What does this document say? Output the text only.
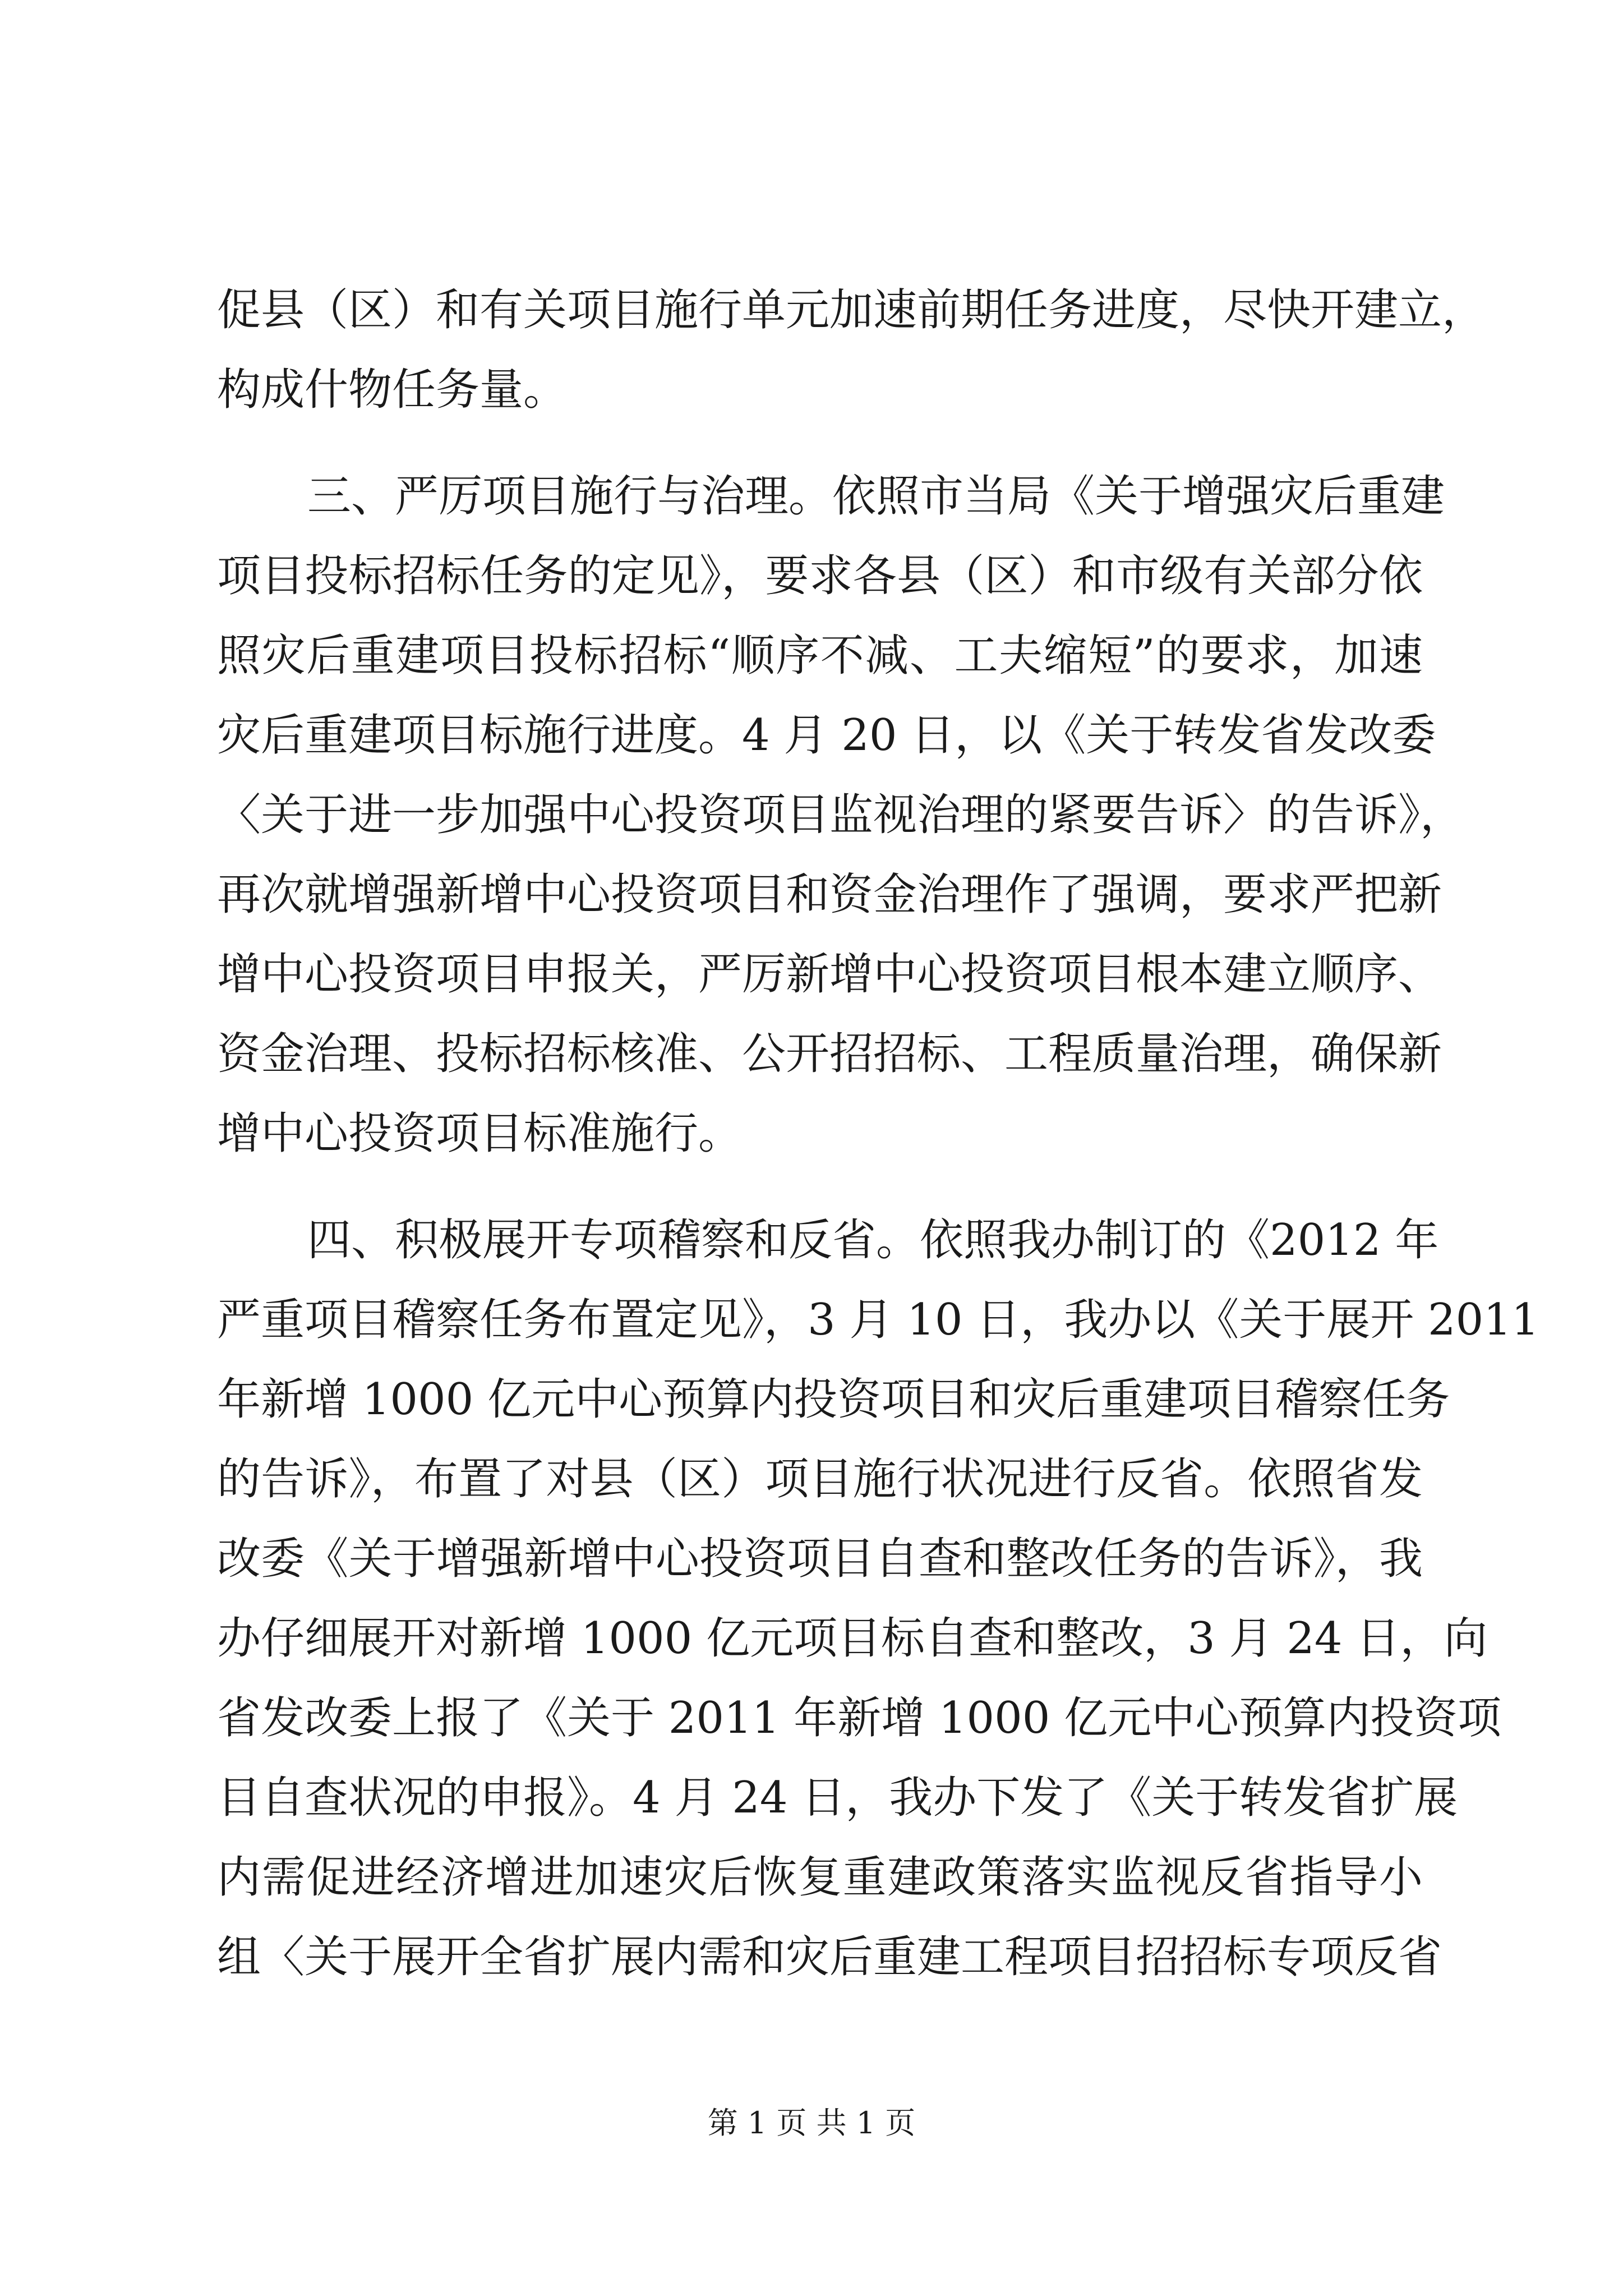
促县（区）和有关项目施行单元加速前期任务进度，尽快开建立，
构成什物任务量。
三、严厉项目施行与治理。依照市当局《关于增强灾后重建
项目投标招标任务的定见》，要求各县（区）和市级有关部分依
照灾后重建项目投标招标“顺序不减、工夫缩短”的要求，加速
灾后重建项目标施行进度。4 月 20 日，以《关于转发省发改委
〈关于进一步加强中心投资项目监视治理的紧要告诉〉的告诉》，
再次就增强新增中心投资项目和资金治理作了强调，要求严把新
增中心投资项目申报关，严厉新增中心投资项目根本建立顺序、
资金治理、投标招标核准、公开招招标、工程质量治理，确保新
增中心投资项目标准施行。
四、积极展开专项稽察和反省。依照我办制订的《2012 年
严重项目稽察任务布置定见》，3 月 10 日，我办以《关于展开 2011
年新增 1000 亿元中心预算内投资项目和灾后重建项目稽察任务
的告诉》，布置了对县（区）项目施行状况进行反省。依照省发
改委《关于增强新增中心投资项目自查和整改任务的告诉》，我
办仔细展开对新增 1000 亿元项目标自查和整改，3 月 24 日，向
省发改委上报了《关于 2011 年新增 1000 亿元中心预算内投资项
目自查状况的申报》。4 月 24 日，我办下发了《关于转发省扩展
内需促进经济增进加速灾后恢复重建政策落实监视反省指导小
组〈关于展开全省扩展内需和灾后重建工程项目招招标专项反省
第 1 页 共 1 页
